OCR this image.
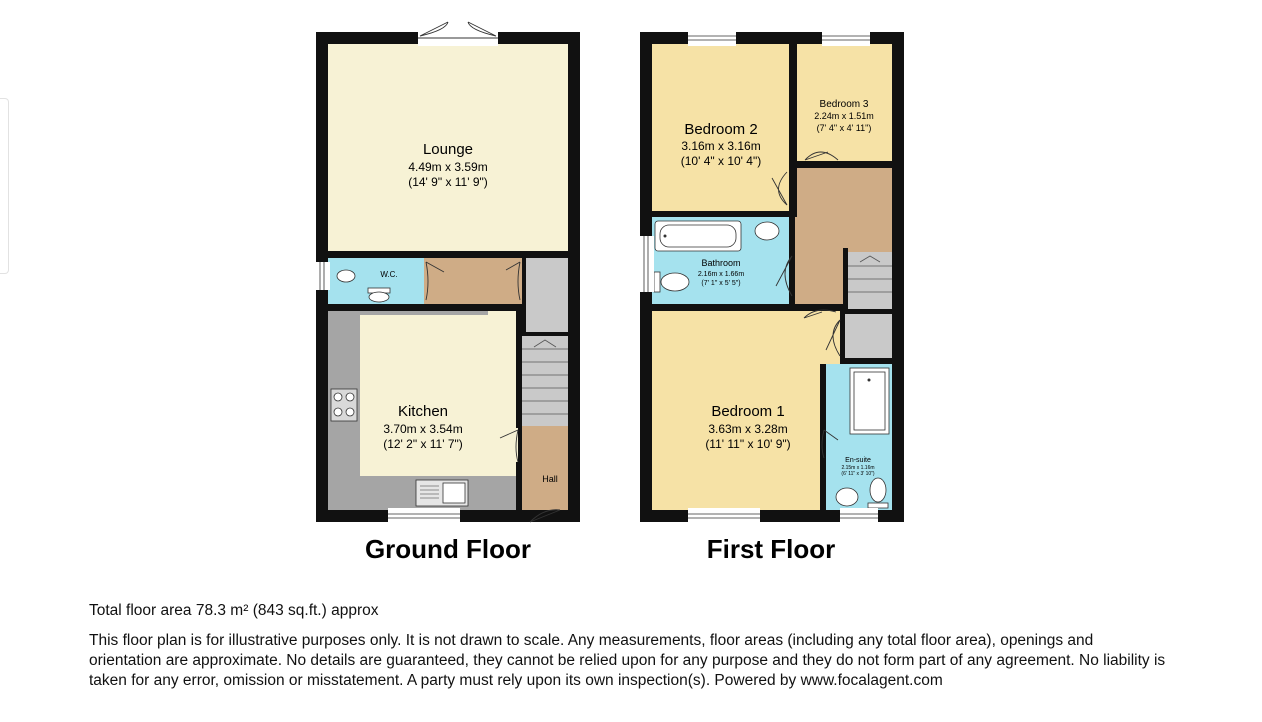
Lounge
4.49m x 3.59m
(14' 9" x 11' 9")
W.C.
Kitchen
3.70m x 3.54m
(12' 2" x 11' 7")
Hall
Ground Floor
Bedroom 2
3.16m x 3.16m
(10' 4" x 10' 4")
Bedroom 3
2.24m x 1.51m
(7' 4" x 4' 11")
Bathroom
2.16m x 1.66m
(7' 1" x 5' 5")
Bedroom 1
3.63m x 3.28m
(11' 11" x 10' 9")
En-suite
2.15m x 1.16m
(6' 11" x 3' 10")
First Floor
Total floor area 78.3 m² (843 sq.ft.) approx
This floor plan is for illustrative purposes only. It is not drawn to scale. Any measurements, floor areas (including any total floor area), openings and orientation are approximate. No details are guaranteed, they cannot be relied upon for any purpose and they do not form part of any agreement. No liability is taken for any error, omission or misstatement. A party must rely upon its own inspection(s). Powered by www.focalagent.com
